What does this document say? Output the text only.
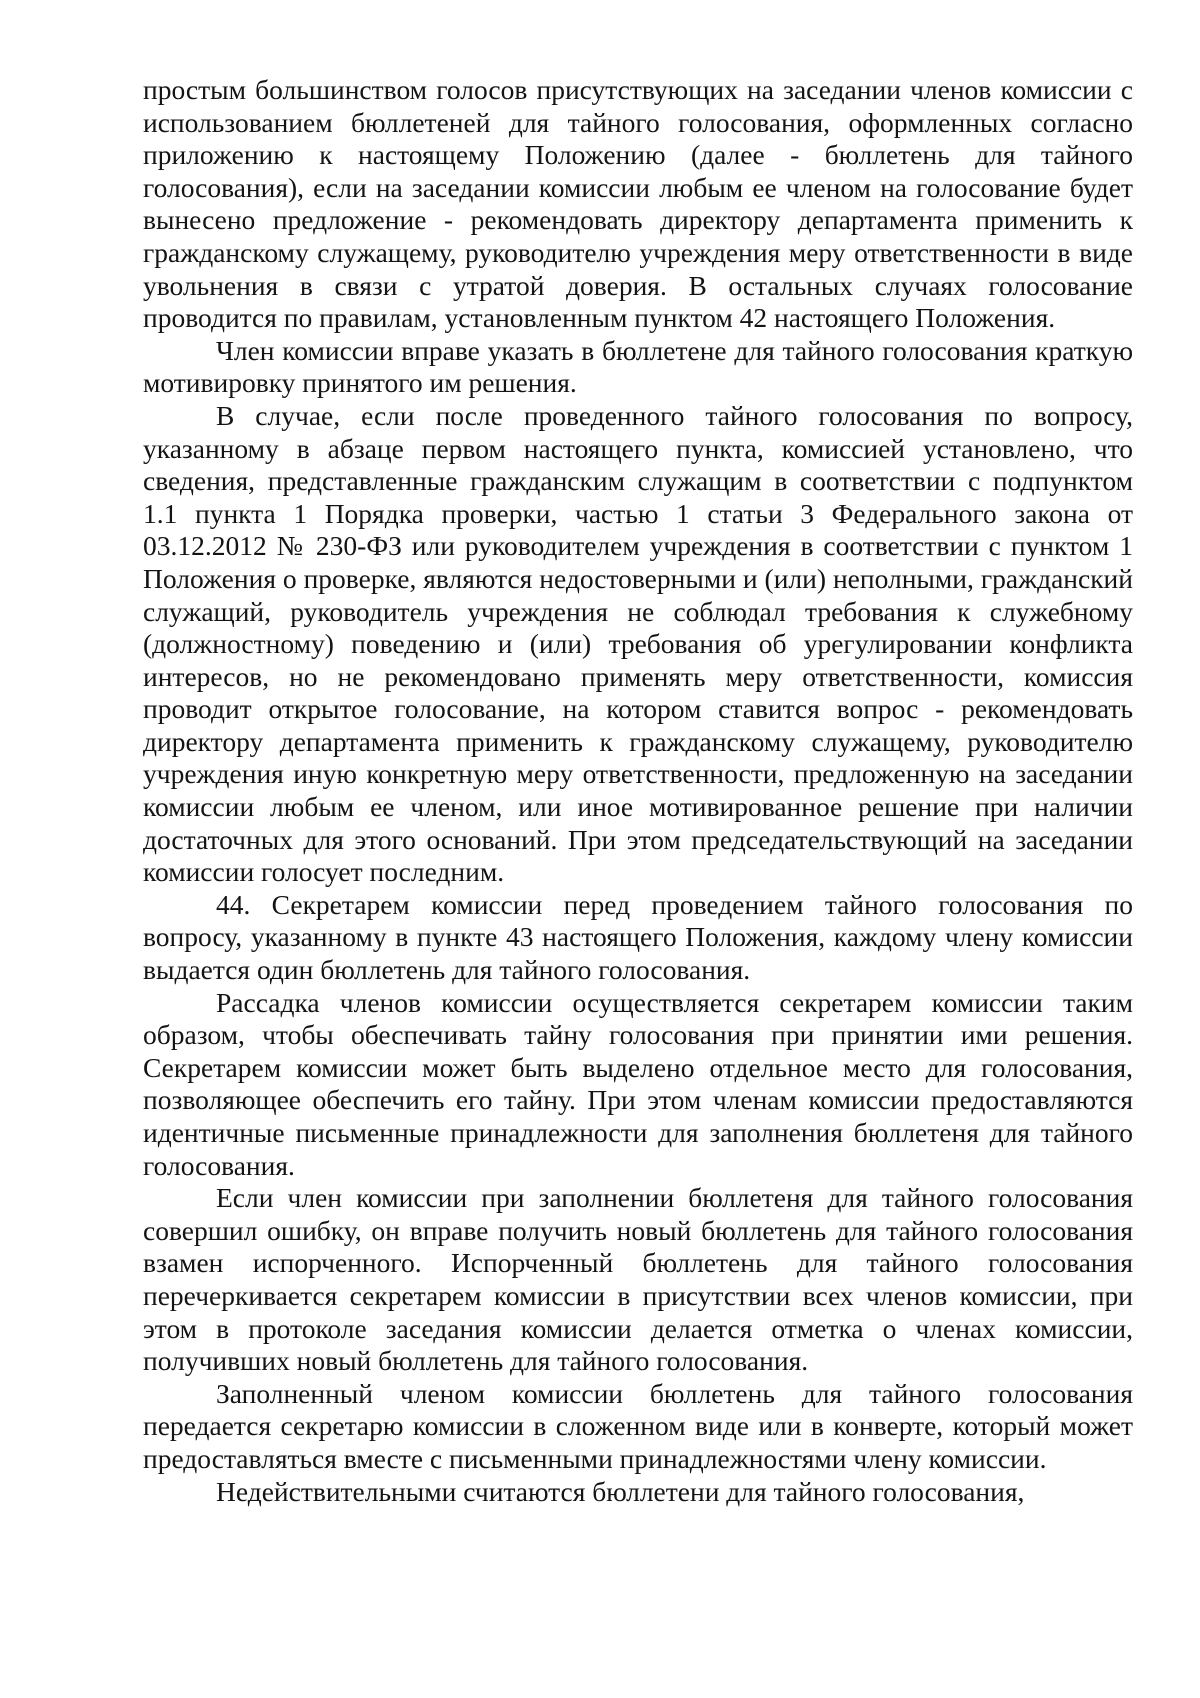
простым большинством голосов присутствующих на заседании членов комиссии с использованием бюллетеней для тайного голосования, оформленных согласно приложению к настоящему Положению (далее - бюллетень для тайного голосования), если на заседании комиссии любым ее членом на голосование будет вынесено предложение - рекомендовать директору департамента применить к гражданскому служащему, руководителю учреждения меру ответственности в виде увольнения в связи с утратой доверия. В остальных случаях голосование проводится по правилам, установленным пунктом 42 настоящего Положения.

Член комиссии вправе указать в бюллетене для тайного голосования краткую мотивировку принятого им решения.

В случае, если после проведенного тайного голосования по вопросу, указанному в абзаце первом настоящего пункта, комиссией установлено, что сведения, представленные гражданским служащим в соответствии с подпунктом 1.1 пункта 1 Порядка проверки, частью 1 статьи 3 Федерального закона от 03.12.2012 № 230-ФЗ или руководителем учреждения в соответствии с пунктом 1 Положения о проверке, являются недостоверными и (или) неполными, гражданский служащий, руководитель учреждения не соблюдал требования к служебному (должностному) поведению и (или) требования об урегулировании конфликта интересов, но не рекомендовано применять меру ответственности, комиссия проводит открытое голосование, на котором ставится вопрос - рекомендовать директору департамента применить к гражданскому служащему, руководителю учреждения иную конкретную меру ответственности, предложенную на заседании комиссии любым ее членом, или иное мотивированное решение при наличии достаточных для этого оснований. При этом председательствующий на заседании комиссии голосует последним.

44. Секретарем комиссии перед проведением тайного голосования по вопросу, указанному в пункте 43 настоящего Положения, каждому члену комиссии выдается один бюллетень для тайного голосования.

Рассадка членов комиссии осуществляется секретарем комиссии таким образом, чтобы обеспечивать тайну голосования при принятии ими решения. Секретарем комиссии может быть выделено отдельное место для голосования, позволяющее обеспечить его тайну. При этом членам комиссии предоставляются идентичные письменные принадлежности для заполнения бюллетеня для тайного голосования.

Если член комиссии при заполнении бюллетеня для тайного голосования совершил ошибку, он вправе получить новый бюллетень для тайного голосования взамен испорченного. Испорченный бюллетень для тайного голосования перечеркивается секретарем комиссии в присутствии всех членов комиссии, при этом в протоколе заседания комиссии делается отметка о членах комиссии, получивших новый бюллетень для тайного голосования.

Заполненный членом комиссии бюллетень для тайного голосования передается секретарю комиссии в сложенном виде или в конверте, который может предоставляться вместе с письменными принадлежностями члену комиссии.

Недействительными считаются бюллетени для тайного голосования,
